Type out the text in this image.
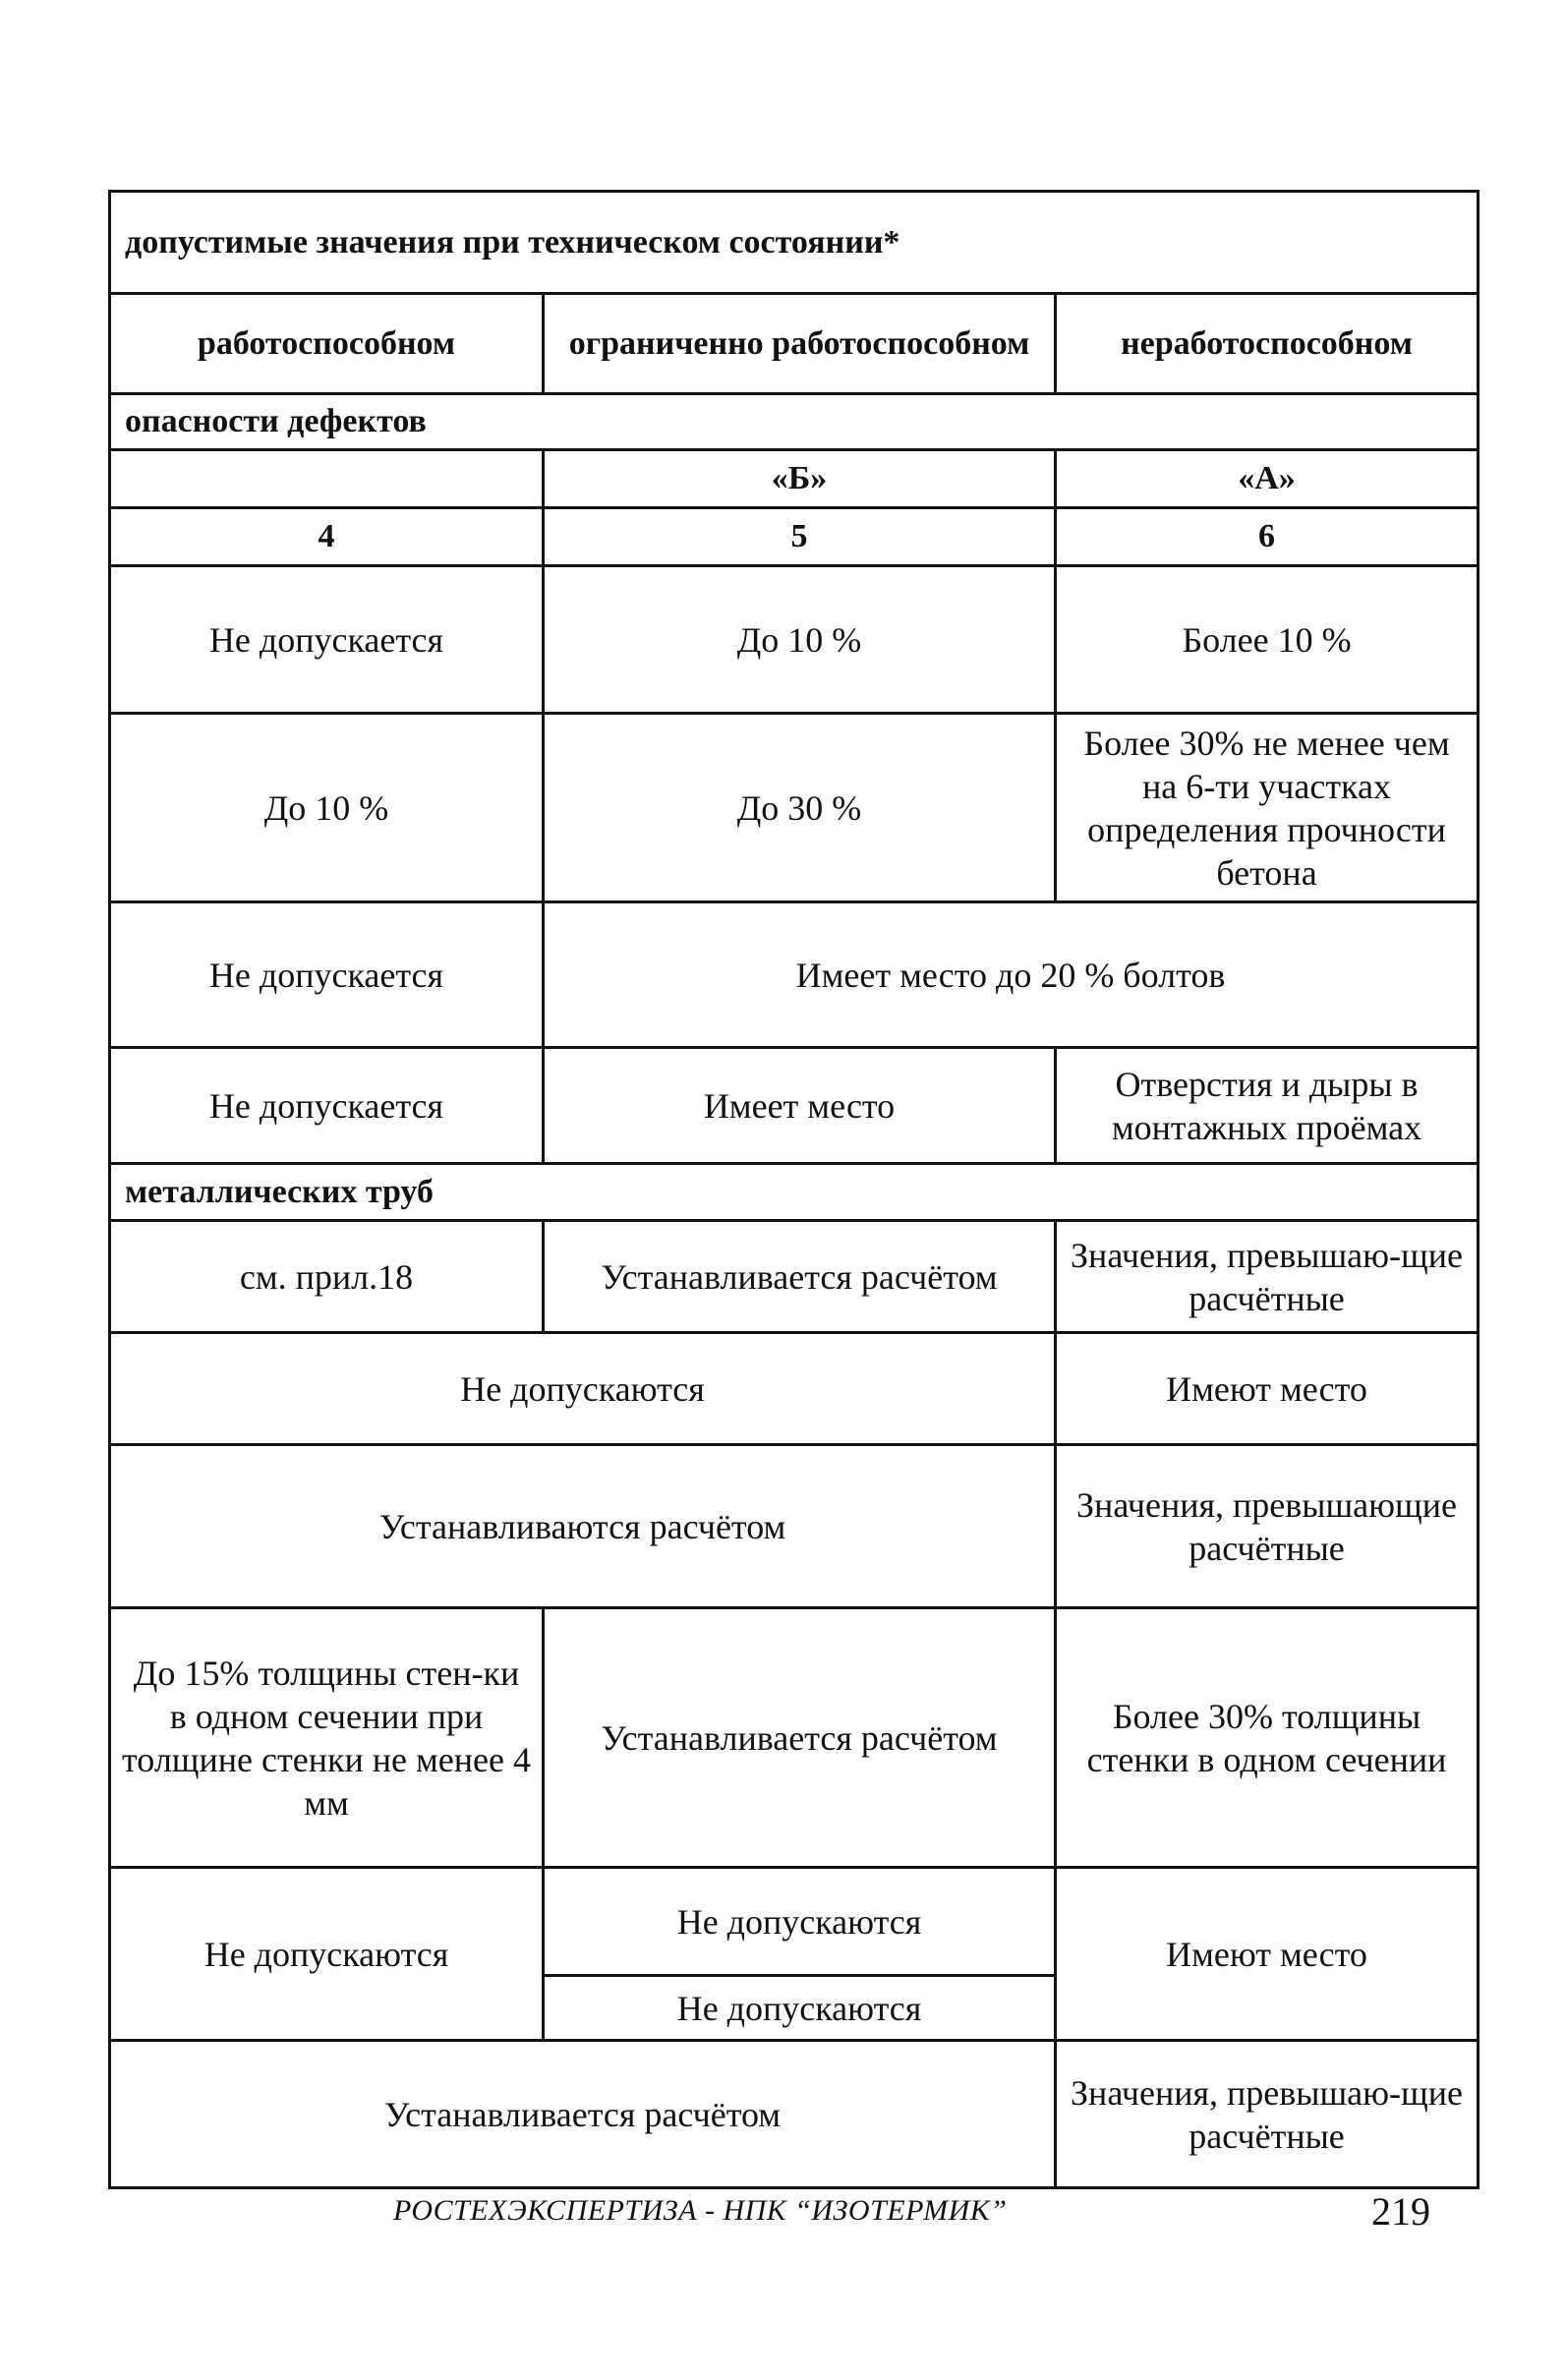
допустимые значения при техническом состоянии*		
работоспособном	ограниченно работоспособном	неработоспособном
опасности дефектов		
	«Б»	«А»
4	5	6
Не допускается	До 10 %	Более 10 %
До 10 %	До 30 %	Более 30% не менее чем на 6-ти участках определения прочности бетона
Не допускается	Имеет место до 20 % болтов	
Не допускается	Имеет место	Отверстия и дыры в монтажных проёмах
металлических труб		
см. прил.18	Устанавливается расчётом	Значения, превышаю-щие расчётные
Не допускаются		Имеют место
Устанавливаются расчётом		Значения, превышающие расчётные
До 15% толщины стен-ки в одном сечении при толщине стенки не менее 4 мм	Устанавливается расчётом	Более 30% толщины стенки в одном сечении
Не допускаются	Не допускаются	Имеют место
	Не допускаются	
Устанавливается расчётом		Значения, превышаю-щие расчётные
РОСТЕХЭКСПЕРТИЗА - НПК “ИЗОТЕРМИК”	219
